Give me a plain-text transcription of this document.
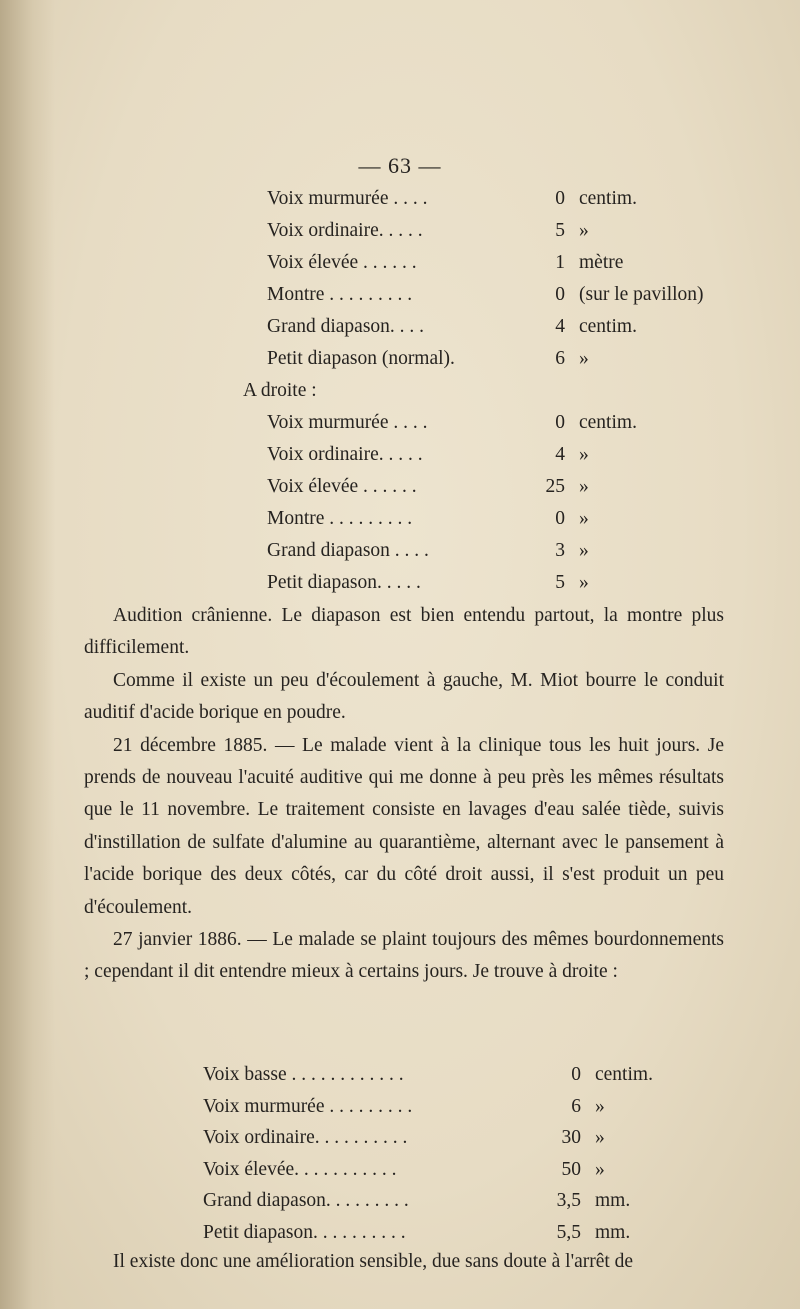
— 63 —
Voix murmurée . . . .	0 centim.
Voix ordinaire. . . . .	5 »
Voix élevée . . . . . .	1 mètre
Montre . . . . . . . . .	0 (sur le pavillon)
Grand diapason. . . .	4 centim.
Petit diapason (normal).	6 »
A droite :
Voix murmurée . . . .	0 centim.
Voix ordinaire. . . . .	4 »
Voix élevée . . . . . .	25 »
Montre . . . . . . . . .	0 »
Grand diapason . . . .	3 »
Petit diapason. . . . .	5 »

Audition crânienne. Le diapason est bien entendu partout, la montre plus difficilement.

Comme il existe un peu d'écoulement à gauche, M. Miot bourre le conduit auditif d'acide borique en poudre.

21 décembre 1885. — Le malade vient à la clinique tous les huit jours. Je prends de nouveau l'acuité auditive qui me donne à peu près les mêmes résultats que le 11 novembre. Le traitement consiste en lavages d'eau salée tiède, suivis d'instillation de sulfate d'alumine au quarantième, alternant avec le pansement à l'acide borique des deux côtés, car du côté droit aussi, il s'est produit un peu d'écoulement.

27 janvier 1886. — Le malade se plaint toujours des mêmes bourdonnements ; cependant il dit entendre mieux à certains jours. Je trouve à droite :

Voix basse . . . . . . . . . . . .	0 centim.
Voix murmurée . . . . . . . . .	6 »
Voix ordinaire. . . . . . . . . .	30 »
Voix élevée. . . . . . . . . . .	50 »
Grand diapason. . . . . . . . .	3,5 mm.
Petit diapason. . . . . . . . . .	5,5 mm.
Il existe donc une amélioration sensible, due sans doute à l'arrêt de
